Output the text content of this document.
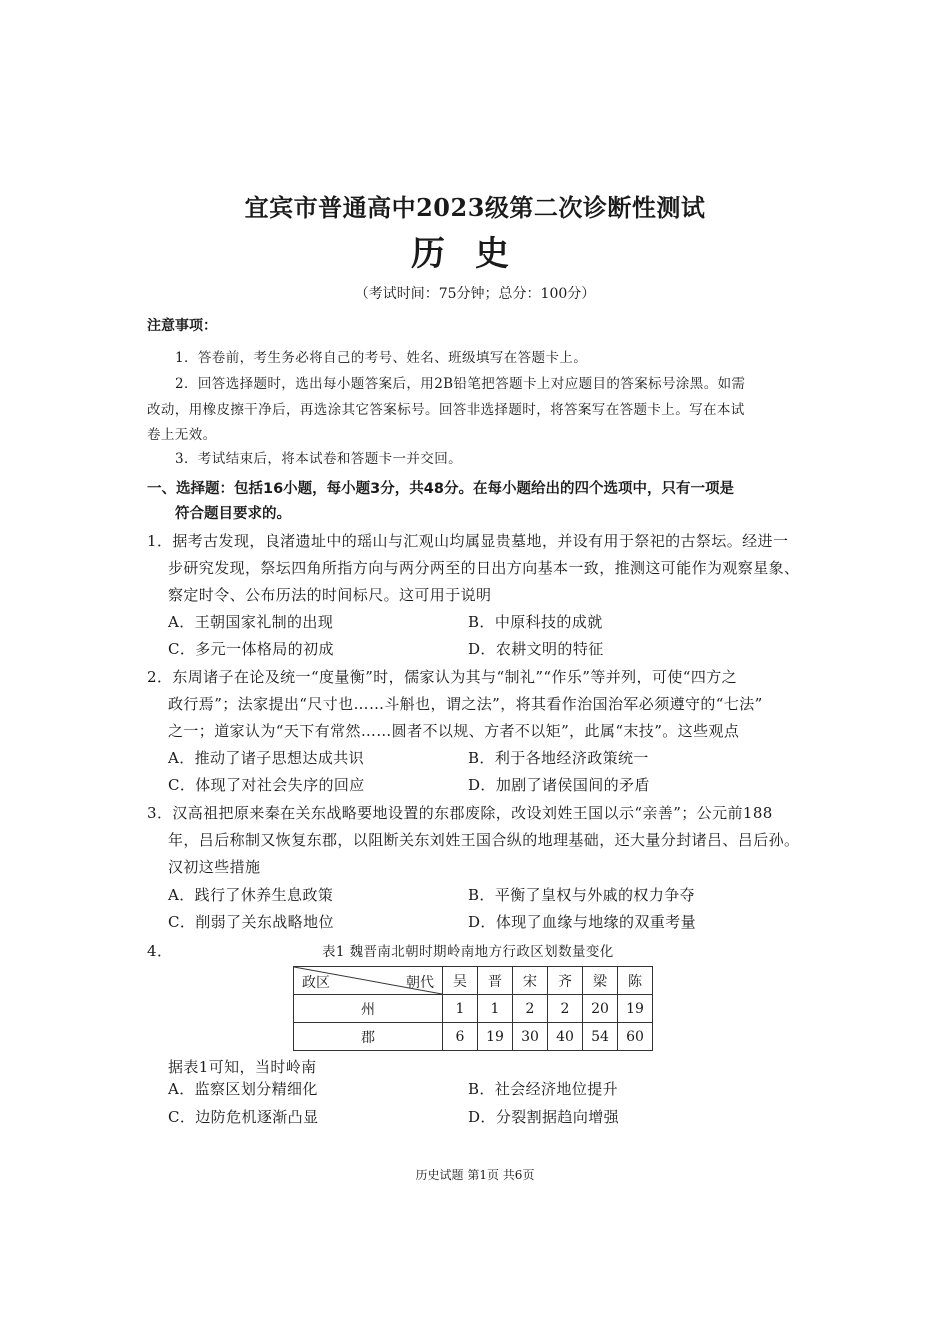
宜宾市普通高中2023级第二次诊断性测试
历史
（考试时间：75分钟；总分：100分）
注意事项：
1．答卷前，考生务必将自己的考号、姓名、班级填写在答题卡上。
2．回答选择题时，选出每小题答案后，用2B铅笔把答题卡上对应题目的答案标号涂黑。如需
改动，用橡皮擦干净后，再选涂其它答案标号。回答非选择题时，将答案写在答题卡上。写在本试
卷上无效。
3．考试结束后，将本试卷和答题卡一并交回。
一、选择题：包括16小题，每小题3分，共48分。在每小题给出的四个选项中，只有一项是
符合题目要求的。
1．据考古发现，良渚遗址中的瑶山与汇观山均属显贵墓地，并设有用于祭祀的古祭坛。经进一
步研究发现，祭坛四角所指方向与两分两至的日出方向基本一致，推测这可能作为观察星象、
察定时令、公布历法的时间标尺。这可用于说明
A．王朝国家礼制的出现	B．中原科技的成就
C．多元一体格局的初成	D．农耕文明的特征
2．东周诸子在论及统一“度量衡”时，儒家认为其与“制礼”“作乐”等并列，可使“四方之
政行焉”；法家提出“尺寸也……斗斛也，谓之法”，将其看作治国治军必须遵守的“七法”
之一；道家认为“天下有常然……圆者不以规、方者不以矩”，此属“末技”。这些观点
A．推动了诸子思想达成共识	B．利于各地经济政策统一
C．体现了对社会失序的回应	D．加剧了诸侯国间的矛盾
3．汉高祖把原来秦在关东战略要地设置的东郡废除，改设刘姓王国以示“亲善”；公元前188
年，吕后称制又恢复东郡，以阻断关东刘姓王国合纵的地理基础，还大量分封诸吕、吕后孙。
汉初这些措施
A．践行了休养生息政策	B．平衡了皇权与外戚的权力争夺
C．削弱了关东战略地位	D．体现了血缘与地缘的双重考量
4．	表1 魏晋南北朝时期岭南地方行政区划数量变化
政区 朝代	吴	晋	宋	齐	梁	陈
州	1	1	2	2	20	19
郡	6	19	30	40	54	60
据表1可知，当时岭南
A．监察区划分精细化	B．社会经济地位提升
C．边防危机逐渐凸显	D．分裂割据趋向增强
历史试题 第1页 共6页
